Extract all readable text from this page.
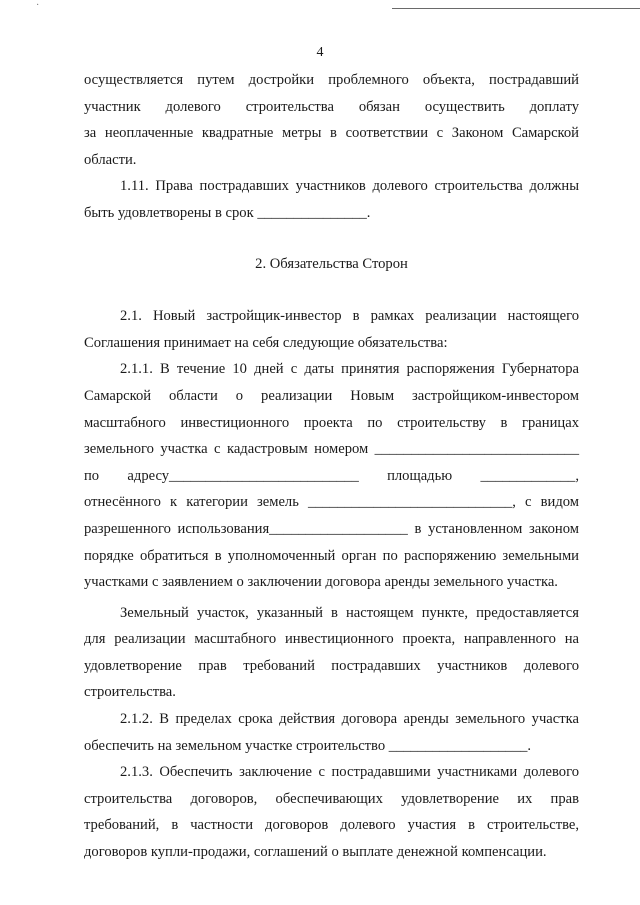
·
4
осуществляется путем достройки проблемного объекта, пострадавший
участник долевого строительства обязан осуществить доплату
за неоплаченные квадратные метры в соответствии с Законом Самарской
области.
1.11. Права пострадавших участников долевого строительства должны
быть удовлетворены в срок _______________.
2. Обязательства Сторон
2.1. Новый застройщик-инвестор в рамках реализации настоящего
Соглашения принимает на себя следующие обязательства:
2.1.1. В течение 10 дней с даты принятия распоряжения Губернатора
Самарской области о реализации Новым застройщиком-инвестором
масштабного инвестиционного проекта по строительству в границах
земельного участка с кадастровым номером ____________________________
по адресу__________________________ площадью _____________,
отнесённого к категории земель ____________________________, с видом
разрешенного использования___________________ в установленном законом
порядке обратиться в уполномоченный орган по распоряжению земельными
участками с заявлением о заключении договора аренды земельного участка.
Земельный участок, указанный в настоящем пункте, предоставляется
для реализации масштабного инвестиционного проекта, направленного на
удовлетворение прав требований пострадавших участников долевого
строительства.
2.1.2. В пределах срока действия договора аренды земельного участка
обеспечить на земельном участке строительство ___________________.
2.1.3. Обеспечить заключение с пострадавшими участниками долевого
строительства договоров, обеспечивающих удовлетворение их прав
требований, в частности договоров долевого участия в строительстве,
договоров купли-продажи, соглашений о выплате денежной компенсации.
